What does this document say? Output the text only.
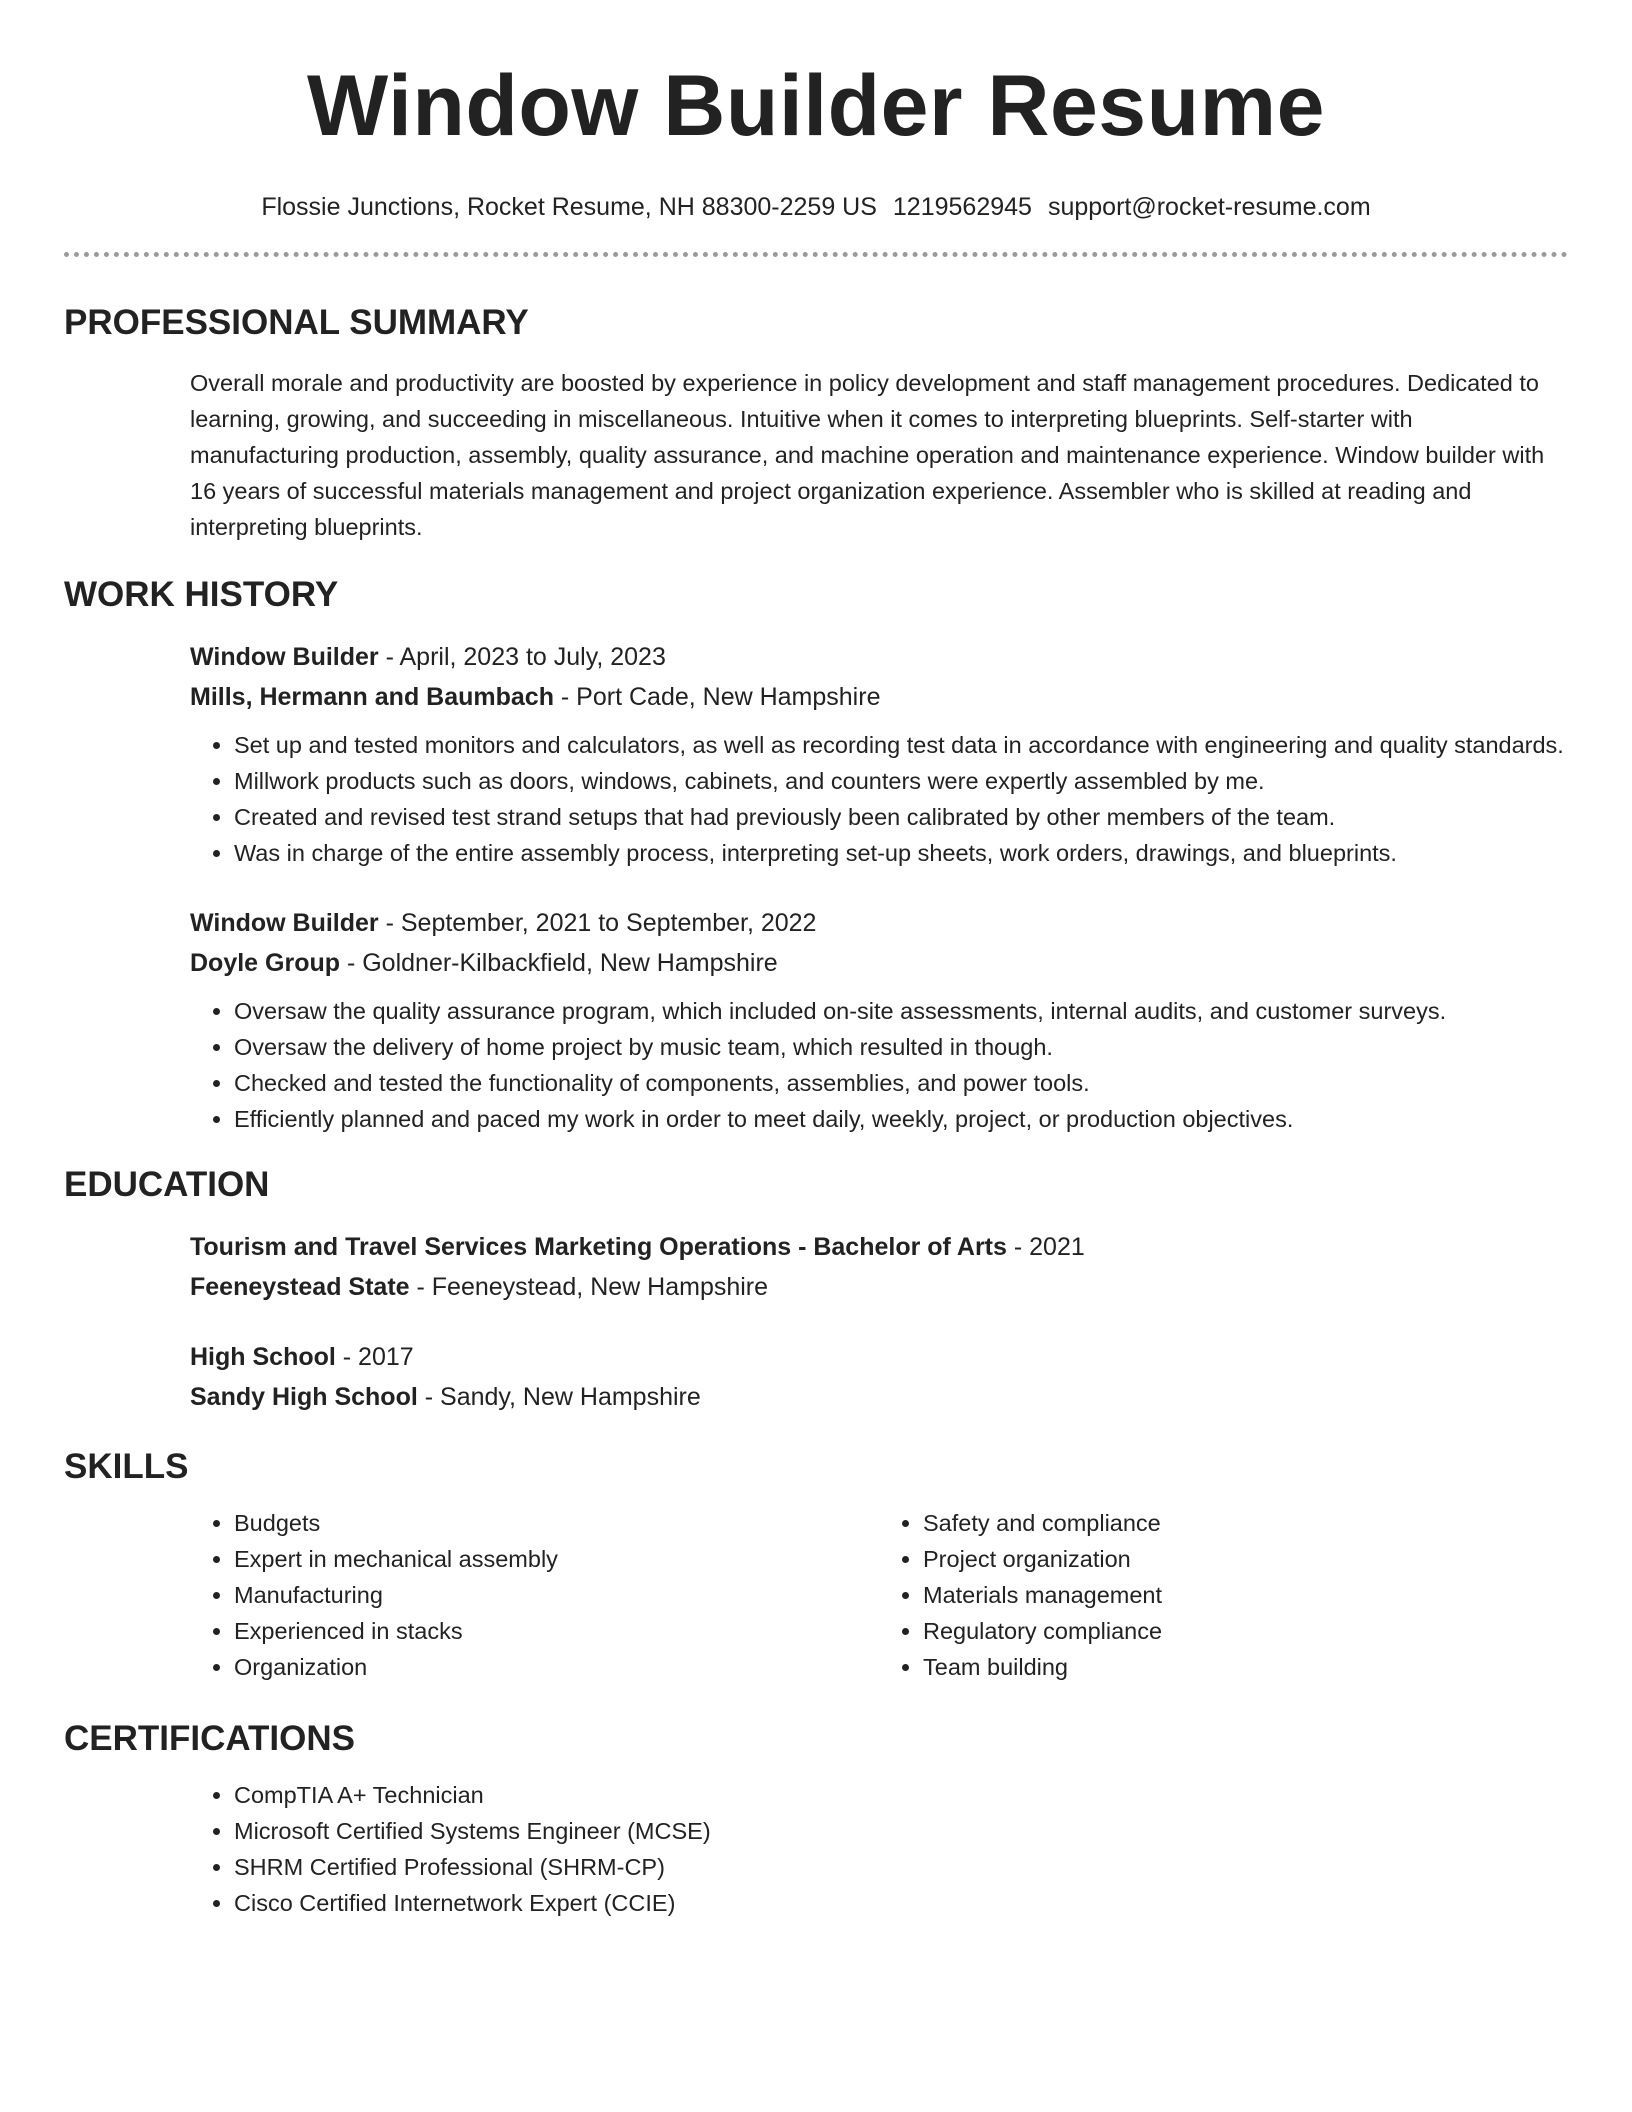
Window Builder Resume
Flossie Junctions, Rocket Resume, NH 88300-2259 US 1219562945 support@rocket-resume.com
PROFESSIONAL SUMMARY

Overall morale and productivity are boosted by experience in policy development and staff management procedures. Dedicated to learning, growing, and succeeding in miscellaneous. Intuitive when it comes to interpreting blueprints. Self-starter with manufacturing production, assembly, quality assurance, and machine operation and maintenance experience. Window builder with 16 years of successful materials management and project organization experience. Assembler who is skilled at reading and interpreting blueprints.

WORK HISTORY
Window Builder - April, 2023 to July, 2023
Mills, Hermann and Baumbach - Port Cade, New Hampshire
• Set up and tested monitors and calculators, as well as recording test data in accordance with engineering and quality standards.
• Millwork products such as doors, windows, cabinets, and counters were expertly assembled by me.
• Created and revised test strand setups that had previously been calibrated by other members of the team.
• Was in charge of the entire assembly process, interpreting set-up sheets, work orders, drawings, and blueprints.
Window Builder - September, 2021 to September, 2022
Doyle Group - Goldner-Kilbackfield, New Hampshire
• Oversaw the quality assurance program, which included on-site assessments, internal audits, and customer surveys.
• Oversaw the delivery of home project by music team, which resulted in though.
• Checked and tested the functionality of components, assemblies, and power tools.
• Efficiently planned and paced my work in order to meet daily, weekly, project, or production objectives.
EDUCATION
Tourism and Travel Services Marketing Operations - Bachelor of Arts - 2021
Feeneystead State - Feeneystead, New Hampshire
High School - 2017
Sandy High School - Sandy, New Hampshire
SKILLS
• Budgets
• Expert in mechanical assembly
• Manufacturing
• Experienced in stacks
• Organization
• Safety and compliance
• Project organization
• Materials management
• Regulatory compliance
• Team building
CERTIFICATIONS
• CompTIA A+ Technician
• Microsoft Certified Systems Engineer (MCSE)
• SHRM Certified Professional (SHRM-CP)
• Cisco Certified Internetwork Expert (CCIE)
